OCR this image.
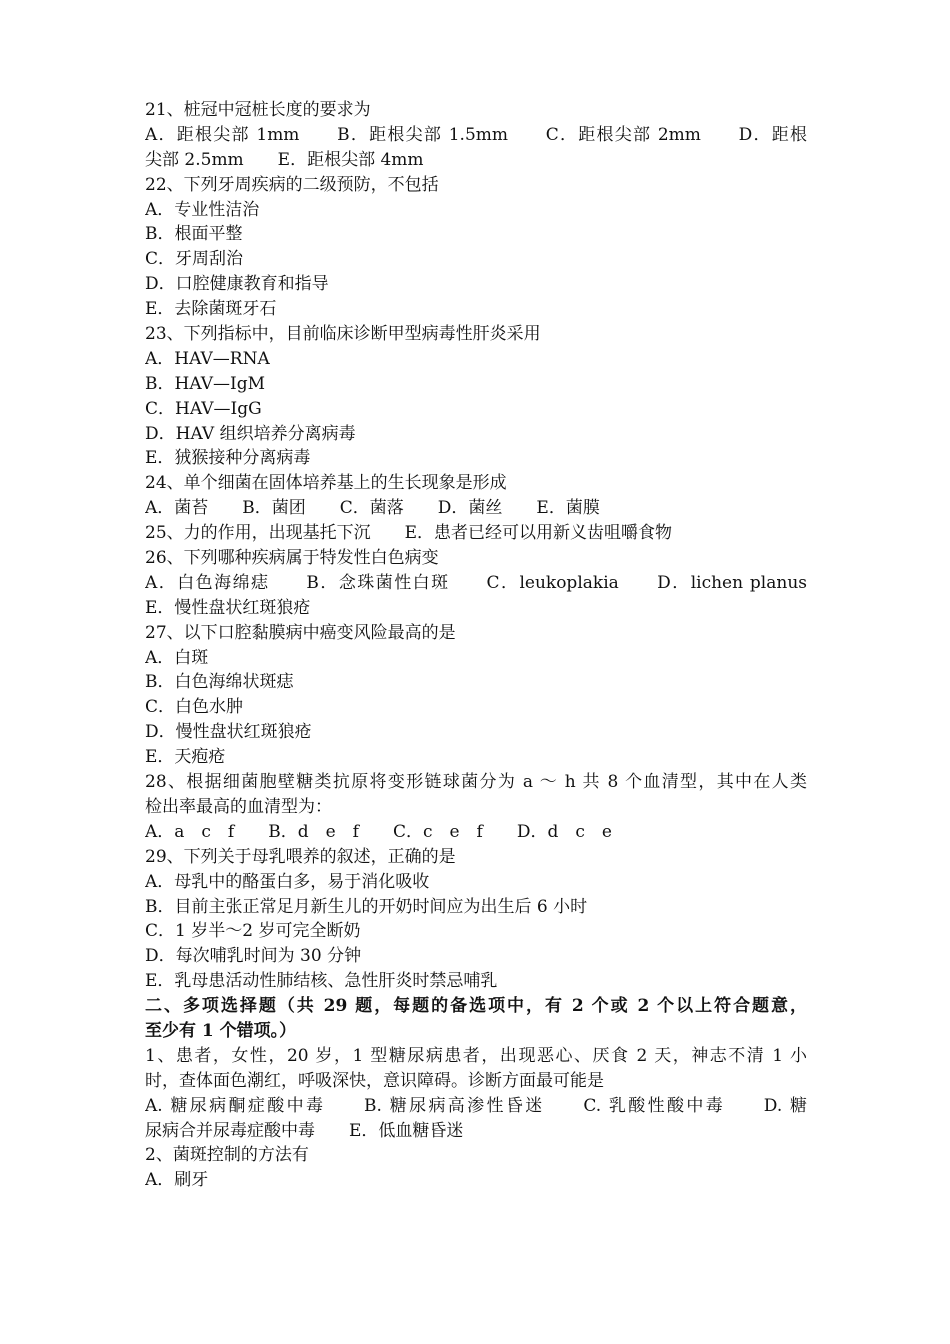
21、桩冠中冠桩长度的要求为
A．距根尖部 1mm　　B．距根尖部 1.5mm　　C．距根尖部 2mm　　D．距根
尖部 2.5mm　　E．距根尖部 4mm
22、下列牙周疾病的二级预防，不包括
A．专业性洁治
B．根面平整
C．牙周刮治
D．口腔健康教育和指导
E．去除菌斑牙石
23、下列指标中，目前临床诊断甲型病毒性肝炎采用
A．HAV—RNA
B．HAV—IgM
C．HAV—IgG
D．HAV 组织培养分离病毒
E．狨猴接种分离病毒
24、单个细菌在固体培养基上的生长现象是形成
A．菌苔　　B．菌团　　C．菌落　　D．菌丝　　E．菌膜
25、力的作用，出现基托下沉　　E．患者已经可以用新义齿咀嚼食物
26、下列哪种疾病属于特发性白色病变
A．白色海绵痣　　B．念珠菌性白斑　　C．leukoplakia　　D．lichen planus
E．慢性盘状红斑狼疮
27、以下口腔黏膜病中癌变风险最高的是
A．白斑
B．白色海绵状斑痣
C．白色水肿
D．慢性盘状红斑狼疮
E．天疱疮
28、根据细菌胞壁糖类抗原将变形链球菌分为 a ～ h 共 8 个血清型，其中在人类
检出率最高的血清型为：
A．a　c　f　　B．d　e　f　　C．c　e　f　　D．d　c　e
29、下列关于母乳喂养的叙述，正确的是
A．母乳中的酪蛋白多，易于消化吸收
B．目前主张正常足月新生儿的开奶时间应为出生后 6 小时
C．1 岁半～2 岁可完全断奶
D．每次哺乳时间为 30 分钟
E．乳母患活动性肺结核、急性肝炎时禁忌哺乳
二、多项选择题（共 29 题，每题的备选项中，有 2 个或 2 个以上符合题意，
至少有 1 个错项。）
1、患者，女性，20 岁，1 型糖尿病患者，出现恶心、厌食 2 天，神志不清 1 小
时，查体面色潮红，呼吸深快，意识障碍。诊断方面最可能是
A. 糖尿病酮症酸中毒　　B. 糖尿病高渗性昏迷　　C. 乳酸性酸中毒　　D. 糖
尿病合并尿毒症酸中毒　　E．低血糖昏迷
2、菌斑控制的方法有
A．刷牙
